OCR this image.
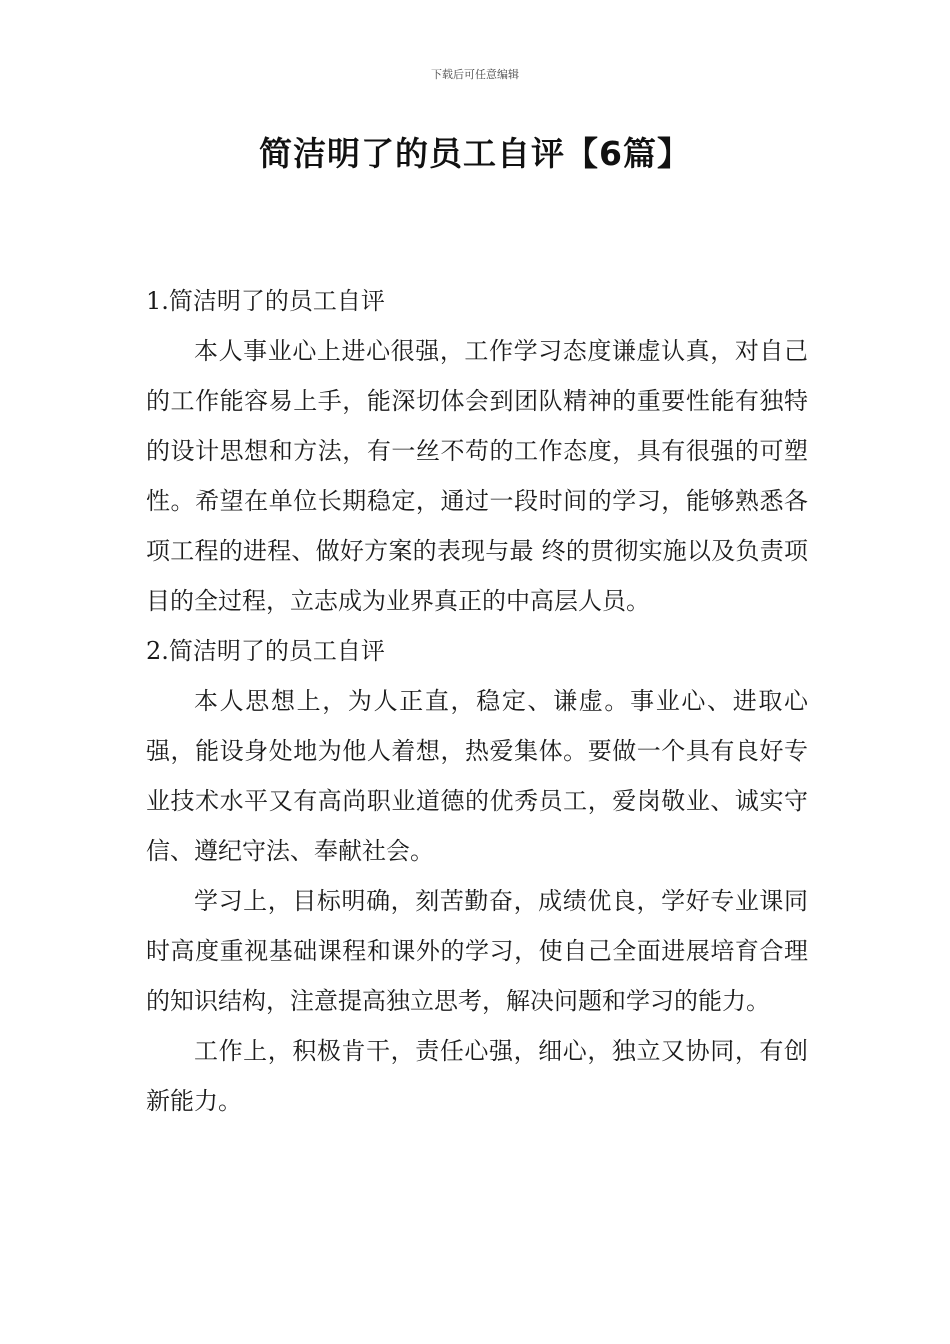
下载后可任意编辑
简洁明了的员工自评【6篇】

1.简洁明了的员工自评

本人事业心上进心很强，工作学习态度谦虚认真，对自己的工作能容易上手，能深切体会到团队精神的重要性能有独特的设计思想和方法，有一丝不苟的工作态度，具有很强的可塑性。希望在单位长期稳定，通过一段时间的学习，能够熟悉各项工程的进程、做好方案的表现与最 终的贯彻实施以及负责项目的全过程，立志成为业界真正的中高层人员。

2.简洁明了的员工自评

本人思想上，为人正直，稳定、谦虚。事业心、进取心强，能设身处地为他人着想，热爱集体。要做一个具有良好专业技术水平又有高尚职业道德的优秀员工，爱岗敬业、诚实守信、遵纪守法、奉献社会。

学习上，目标明确，刻苦勤奋，成绩优良，学好专业课同时高度重视基础课程和课外的学习，使自己全面进展培育合理的知识结构，注意提高独立思考，解决问题和学习的能力。

工作上，积极肯干，责任心强，细心，独立又协同，有创新能力。
